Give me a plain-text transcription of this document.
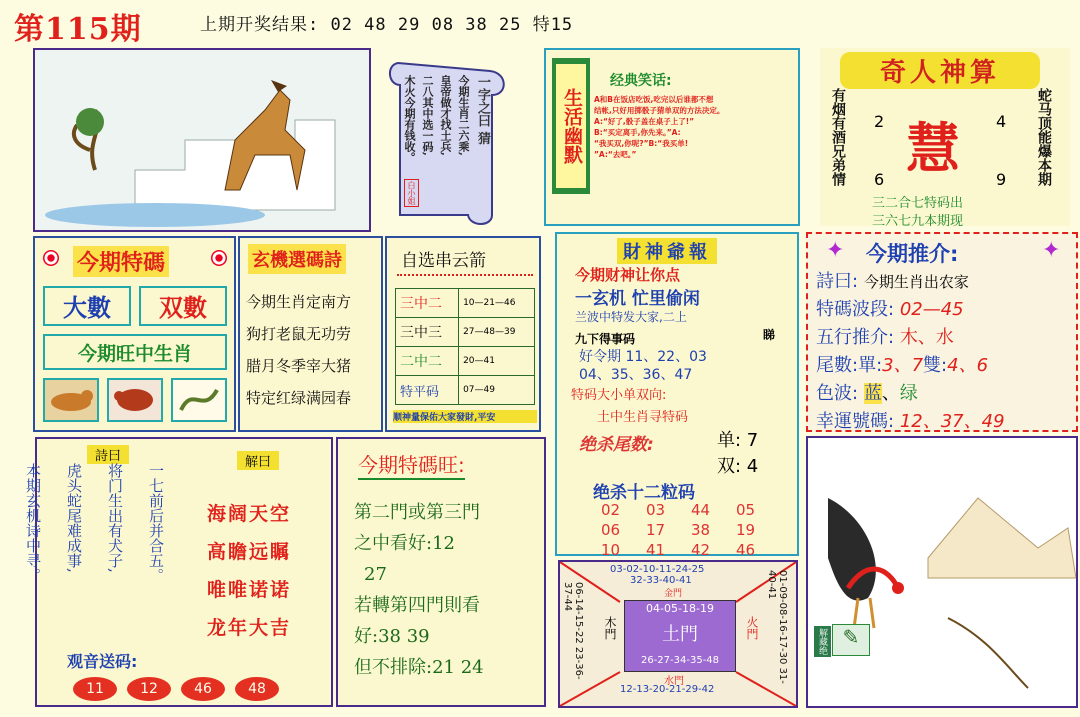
第115期	上期开奖结果: 02 48 29 08 38 25 特15
一字之曰 猜
今期生肖二六乘,
皇帝做才找土兵,
二八其中选一码,
木火今期有钱收。
白小姐
生活幽默
经典笑话:
A和B在饭店吃饭,吃完以后谁都不想
结帐,只好用掷骰子猜单双的方法决定。
A:“好了,骰子盖在桌子上了!”
B:“买定离手,你先来。”A:
“我买双,你呢?”B:“我买单!
”A:“去吧。”
奇人神算
有烟有酒兄弟情	蛇马顶能爆本期
慧
2	4
6	9
三二合七特码出
三六七九本期现
今期特碼
大數	双數
今期旺中生肖
玄機選碼詩
今期生肖定南方
狗打老鼠无功劳
腊月冬季宰大猪
特定红绿满园春
自选串云箭
三中二	10—21—46
三中三	27—48—39
二中二	20—41
特平码	07—49
顺神量保佑大家發財,平安
財神爺報
今期财神让你点
一玄机 忙里偷闲
兰波中特发大家,二上
九下得事码	睇
好令期 11、22、03
04、35、36、47
特码大小单双向:
土中生肖寻特码
绝杀尾数:	单: 7
双: 4
绝杀十二粒码
02	03	44	05
06	17	38	19
10	41	42	46
✦	✦
今期推介:
詩曰: 今期生肖出农家
特碼波段: 02—45
五行推介: 木、水
尾數:單:3、7雙:4、6
色波: 蓝、绿
幸運號碼: 12、37、49
詩曰	解曰
一七前后并合五。
将门生出有犬子,
虎头蛇尾难成事,
本期玄机诗中寻。	海阔天空
高瞻远瞩
唯唯诺诺
龙年大吉
观音送码:
11	12	46	48
今期特碼旺:
第二門或第三門
之中看好:12
27
若轉第四門則看
好:38 39
但不排除:21 24
03-02-10-11-24-25
32-33-40-41
金門
06-14-15-22 23-36-37-44
木門	01-09-08-16-17-30 31-40-41
火門
04-05-18-19
土門
26-27-34-35-48
水門
12-13-20-21-29-42
✎
解藏绝
